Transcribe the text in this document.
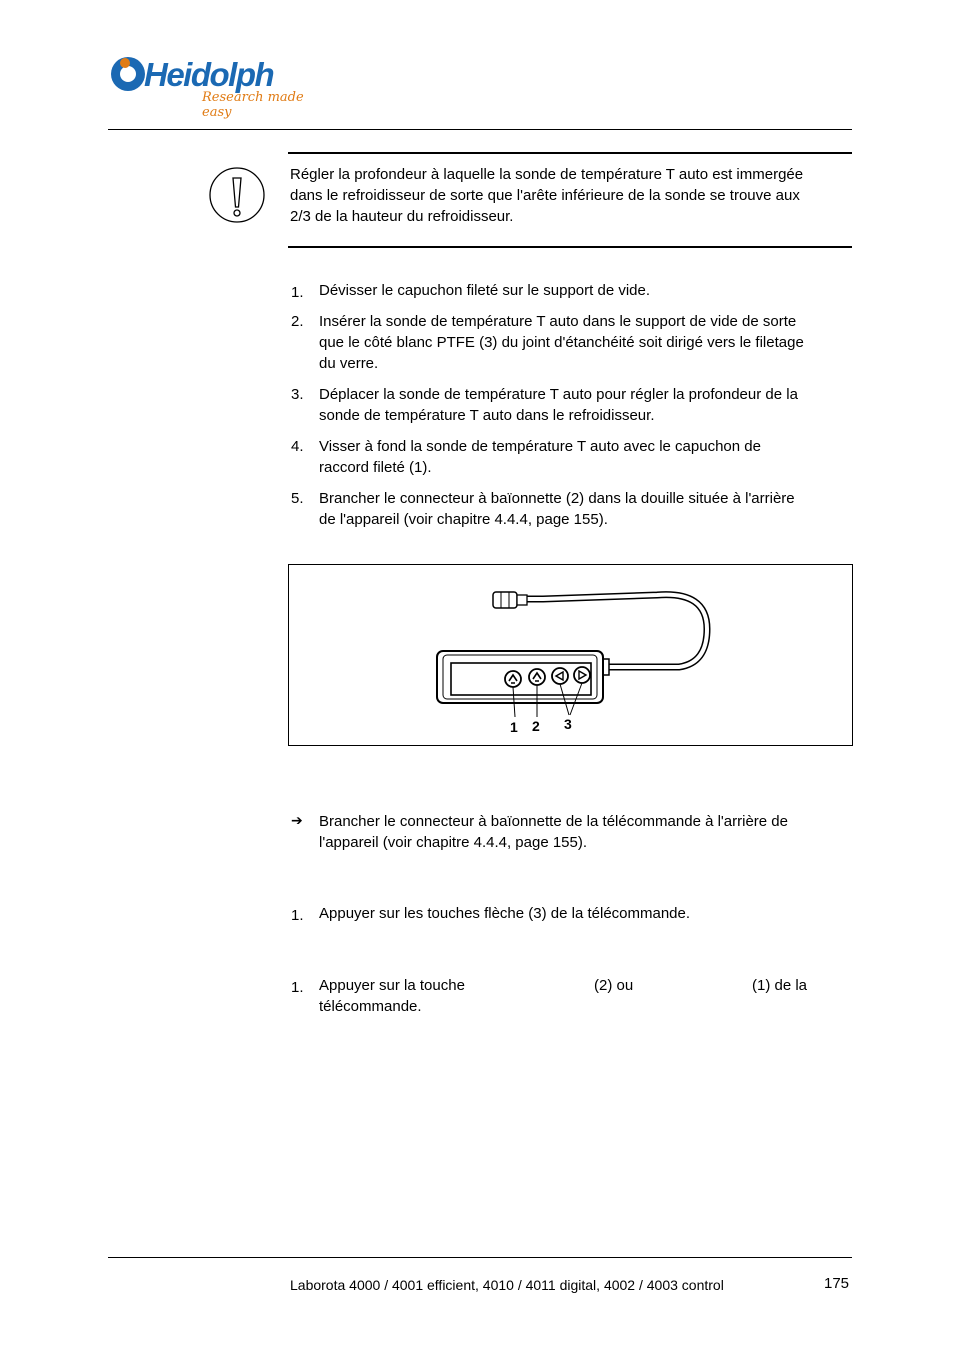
Heidolph
Research made easy
Régler la profondeur à laquelle la sonde de température T auto est immergée
dans le refroidisseur de sorte que l'arête inférieure de la sonde se trouve aux
2/3 de la hauteur du refroidisseur.
1. Dévisser le capuchon fileté sur le support de vide.
2. Insérer la sonde de température T auto dans le support de vide de sorte
que le côté blanc PTFE (3) du joint d'étanchéité soit dirigé vers le filetage
du verre.
3. Déplacer la sonde de température T auto pour régler la profondeur de la
sonde de température T auto dans le refroidisseur.
4. Visser à fond la sonde de température T auto avec le capuchon de
raccord fileté (1).
5. Brancher le connecteur à baïonnette (2) dans la douille située à l'arrière
de l'appareil (voir chapitre 4.4.4, page 155).
1 2 3
➔ Brancher le connecteur à baïonnette de la télécommande à l'arrière de
l'appareil (voir chapitre 4.4.4, page 155).
1. Appuyer sur les touches flèche (3) de la télécommande.
1. Appuyer sur la touche	(2) ou	(1) de la
télécommande.
Laborota 4000 / 4001 efficient, 4010 / 4011 digital, 4002 / 4003 control	175
